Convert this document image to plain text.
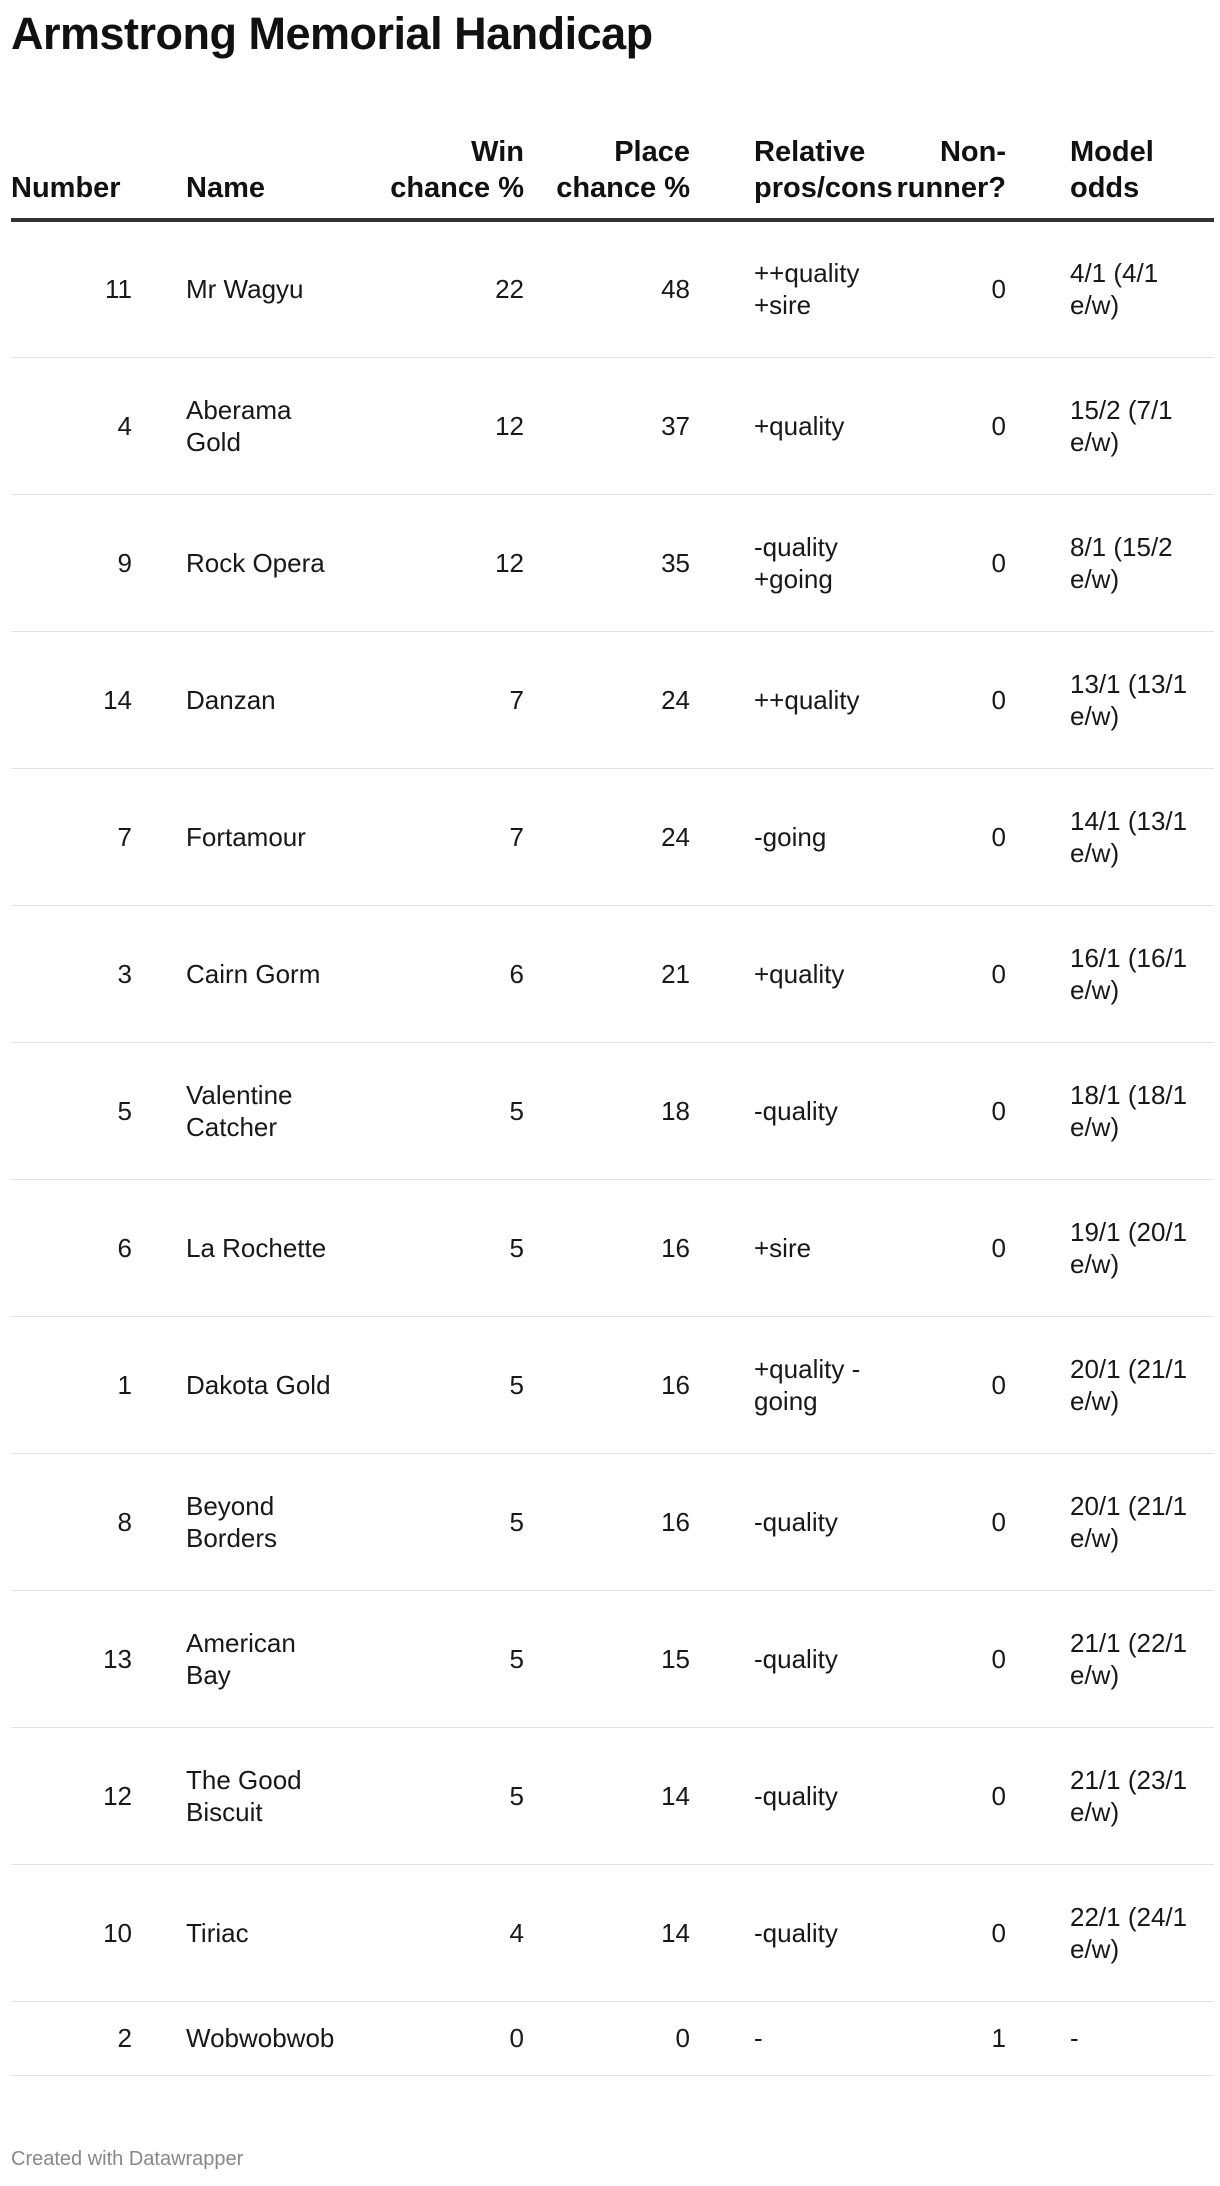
Armstrong Memorial Handicap
Number	Name	Win chance %	Place chance %	Relative pros/cons	Non-runner?	Model odds
11	Mr Wagyu	22	48	++quality +sire	0	4/1 (4/1 e/w)
4	Aberama Gold	12	37	+quality	0	15/2 (7/1 e/w)
9	Rock Opera	12	35	-quality +going	0	8/1 (15/2 e/w)
14	Danzan	7	24	++quality	0	13/1 (13/1 e/w)
7	Fortamour	7	24	-going	0	14/1 (13/1 e/w)
3	Cairn Gorm	6	21	+quality	0	16/1 (16/1 e/w)
5	Valentine Catcher	5	18	-quality	0	18/1 (18/1 e/w)
6	La Rochette	5	16	+sire	0	19/1 (20/1 e/w)
1	Dakota Gold	5	16	+quality -going	0	20/1 (21/1 e/w)
8	Beyond Borders	5	16	-quality	0	20/1 (21/1 e/w)
13	American Bay	5	15	-quality	0	21/1 (22/1 e/w)
12	The Good Biscuit	5	14	-quality	0	21/1 (23/1 e/w)
10	Tiriac	4	14	-quality	0	22/1 (24/1 e/w)
2	Wobwobwob	0	0	-	1	-
Created with Datawrapper
